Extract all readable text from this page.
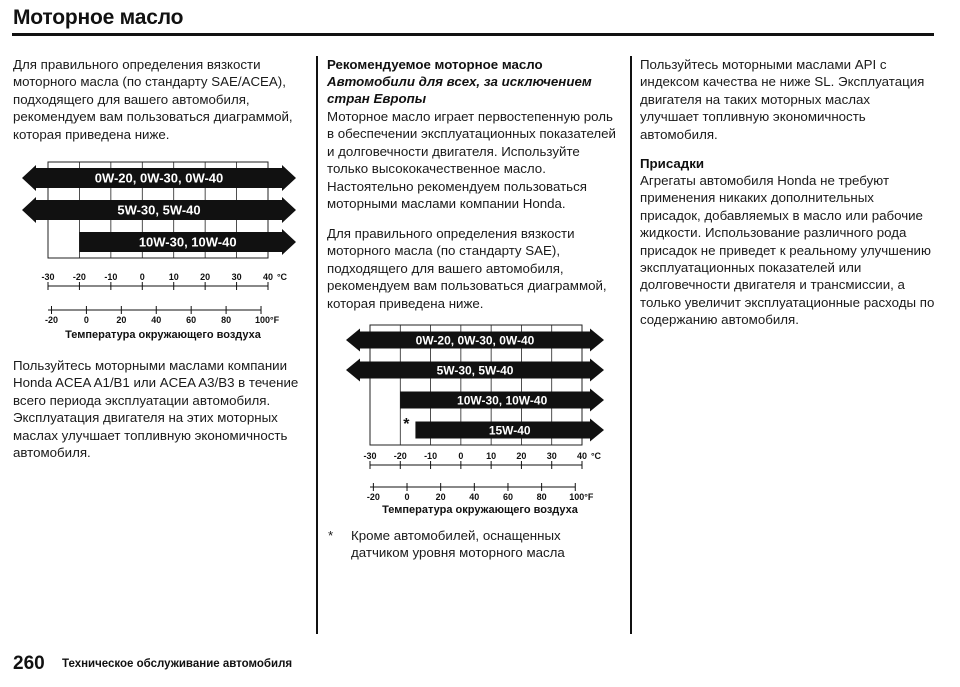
Моторное масло

Для правильного определения вязкости моторного масла (по стандарту SAE/ACEA), подходящего для вашего автомобиля, рекомендуем вам пользоваться диаграммой, которая приведена ниже.

0W-20, 0W-30, 0W-40
5W-30, 5W-40
10W-30, 10W-40
-30 -20 -10 0	10 20 30 40 °C
-20	0	20	40	60	80	100°F
Температура окружающего воздуха

Пользуйтесь моторными маслами компании Honda ACEA A1/B1 или ACEA A3/B3 в течение всего периода эксплуатации автомобиля. Эксплуатация двигателя на этих моторных маслах улучшает топливную экономичность автомобиля.

Рекомендуемое моторное масло

Автомобили для всех, за исключением стран Европы

Моторное масло играет первостепенную роль в обеспечении эксплуатационных показателей и долговечности двигателя. Используйте только высококачественное масло. Настоятельно рекомендуем пользоваться моторными маслами компании Honda.

Для правильного определения вязкости моторного масла (по стандарту SAE), подходящего для вашего автомобиля, рекомендуем вам пользоваться диаграммой, которая приведена ниже.

0W-20, 0W-30, 0W-40
5W-30, 5W-40
10W-30, 10W-40
15W-40
*
-30 -20 -10 0	10 20 30 40 °C
-20	0	20	40	60	80	100°F
Температура окружающего воздуха
* Кроме автомобилей, оснащенных датчиком уровня моторного масла

Пользуйтесь моторными маслами API с индексом качества не ниже SL. Эксплуатация двигателя на таких моторных маслах улучшает топливную экономичность автомобиля.

Присадки

Агрегаты автомобиля Honda не требуют применения никаких дополнительных присадок, добавляемых в масло или рабочие жидкости. Использование различного рода присадок не приведет к реальному улучшению эксплуатационных показателей или долговечности двигателя и трансмиссии, а только увеличит эксплуатационные расходы по содержанию автомобиля.

260 Техническое обслуживание автомобиля
